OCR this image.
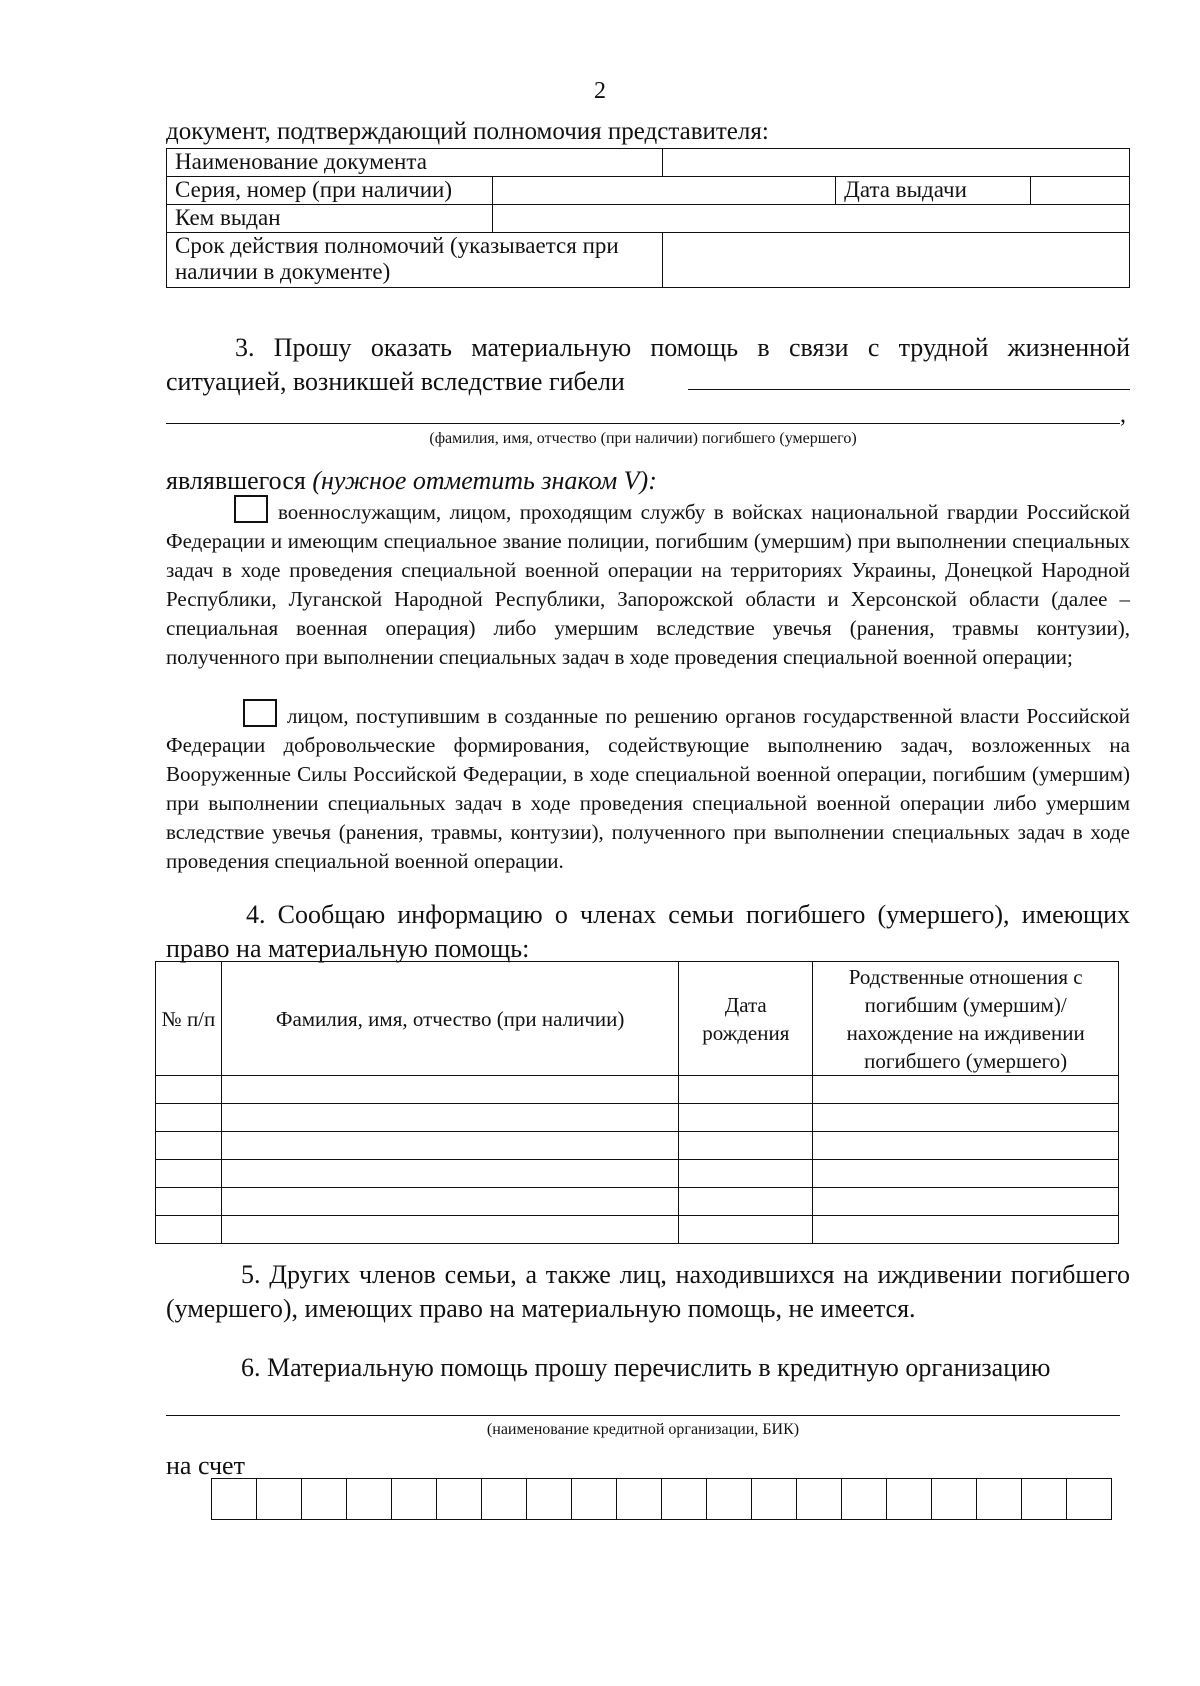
2
документ, подтверждающий полномочия представителя:
Наименование документа			
Серия, номер (при наличии)			Дата выдачи

Кем выдан			
Срок действия полномочий (указывается при наличии в документе)			
3. Прошу оказать материальную помощь в связи с трудной жизненной ситуацией, возникшей вследствие гибели
,
(фамилия, имя, отчество (при наличии) погибшего (умершего)
являвшегося (нужное отметить знаком V):
военнослужащим, лицом, проходящим службу в войсках национальной гвардии Российской Федерации и имеющим специальное звание полиции, погибшим (умершим) при выполнении специальных задач в ходе проведения специальной военной операции на территориях Украины, Донецкой Народной Республики, Луганской Народной Республики, Запорожской области и Херсонской области (далее – специальная военная операция) либо умершим вследствие увечья (ранения, травмы контузии), полученного при выполнении специальных задач в ходе проведения специальной военной операции;
лицом, поступившим в созданные по решению органов государственной власти Российской Федерации добровольческие формирования, содействующие выполнению задач, возложенных на Вооруженные Силы Российской Федерации, в ходе специальной военной операции, погибшим (умершим) при выполнении специальных задач в ходе проведения специальной военной операции либо умершим вследствие увечья (ранения, травмы, контузии), полученного при выполнении специальных задач в ходе проведения специальной военной операции.
4. Сообщаю информацию о членах семьи погибшего (умершего), имеющих право на материальную помощь:
№ п/п	Фамилия, имя, отчество (при наличии)	Дата рождения	Родственные отношения с погибшим (умершим)/ нахождение на иждивении погибшего (умершего)

5. Других членов семьи, а также лиц, находившихся на иждивении погибшего (умершего), имеющих право на материальную помощь, не имеется.
6. Материальную помощь прошу перечислить в кредитную организацию
(наименование кредитной организации, БИК)
на счет
